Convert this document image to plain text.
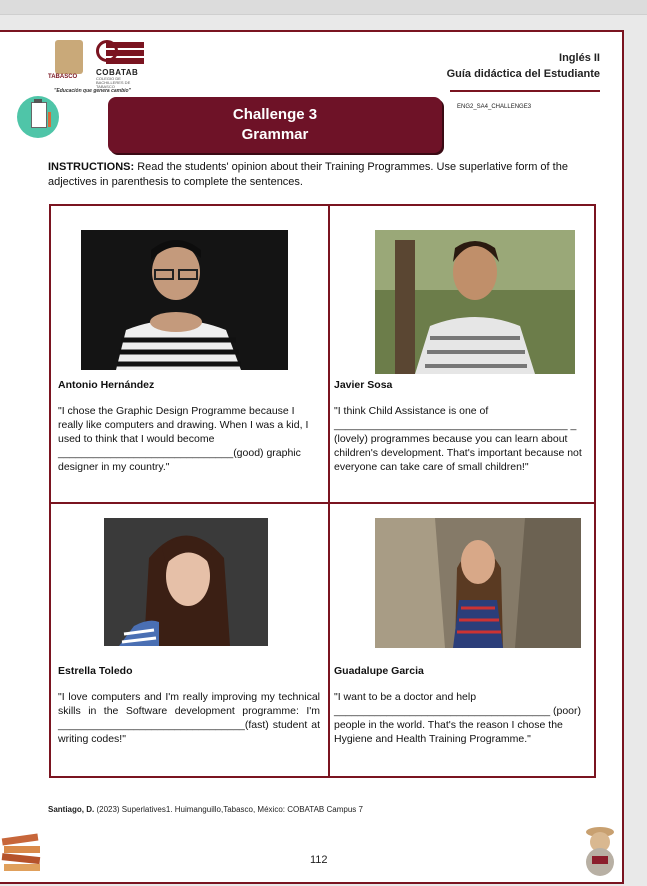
TABASCO COBATAB
COLEGIO DE BACHILLERES DE TABASCO
"Educación que genera cambio"
Inglés II
Guía didáctica del Estudiante
Challenge 3
Grammar
ENG2_SA4_CHALLENGE3
INSTRUCTIONS: Read the students' opinion about their Training Programmes. Use superlative form of the adjectives in parenthesis to complete the sentences.
Antonio Hernández
"I chose the Graphic Design Programme because I really like computers and drawing. When I was a kid, I used to think that I would become ______________________________(good) graphic designer in my country."
Javier Sosa
"I think Child Assistance is one of ________________________________________ _ (lovely) programmes because you can learn about children's development. That's important because not everyone can take care of small children!"
Estrella Toledo
"I love computers and I'm really improving my technical skills in the Software development programme: I'm ________________________________(fast) student at writing codes!"
Guadalupe Garcia
"I want to be a doctor and help _____________________________________ (poor) people in the world. That's the reason I chose the Hygiene and Health Training Programme."
Santiago, D. (2023) Superlatives1. Huimanguillo,Tabasco, México: COBATAB Campus 7
112
